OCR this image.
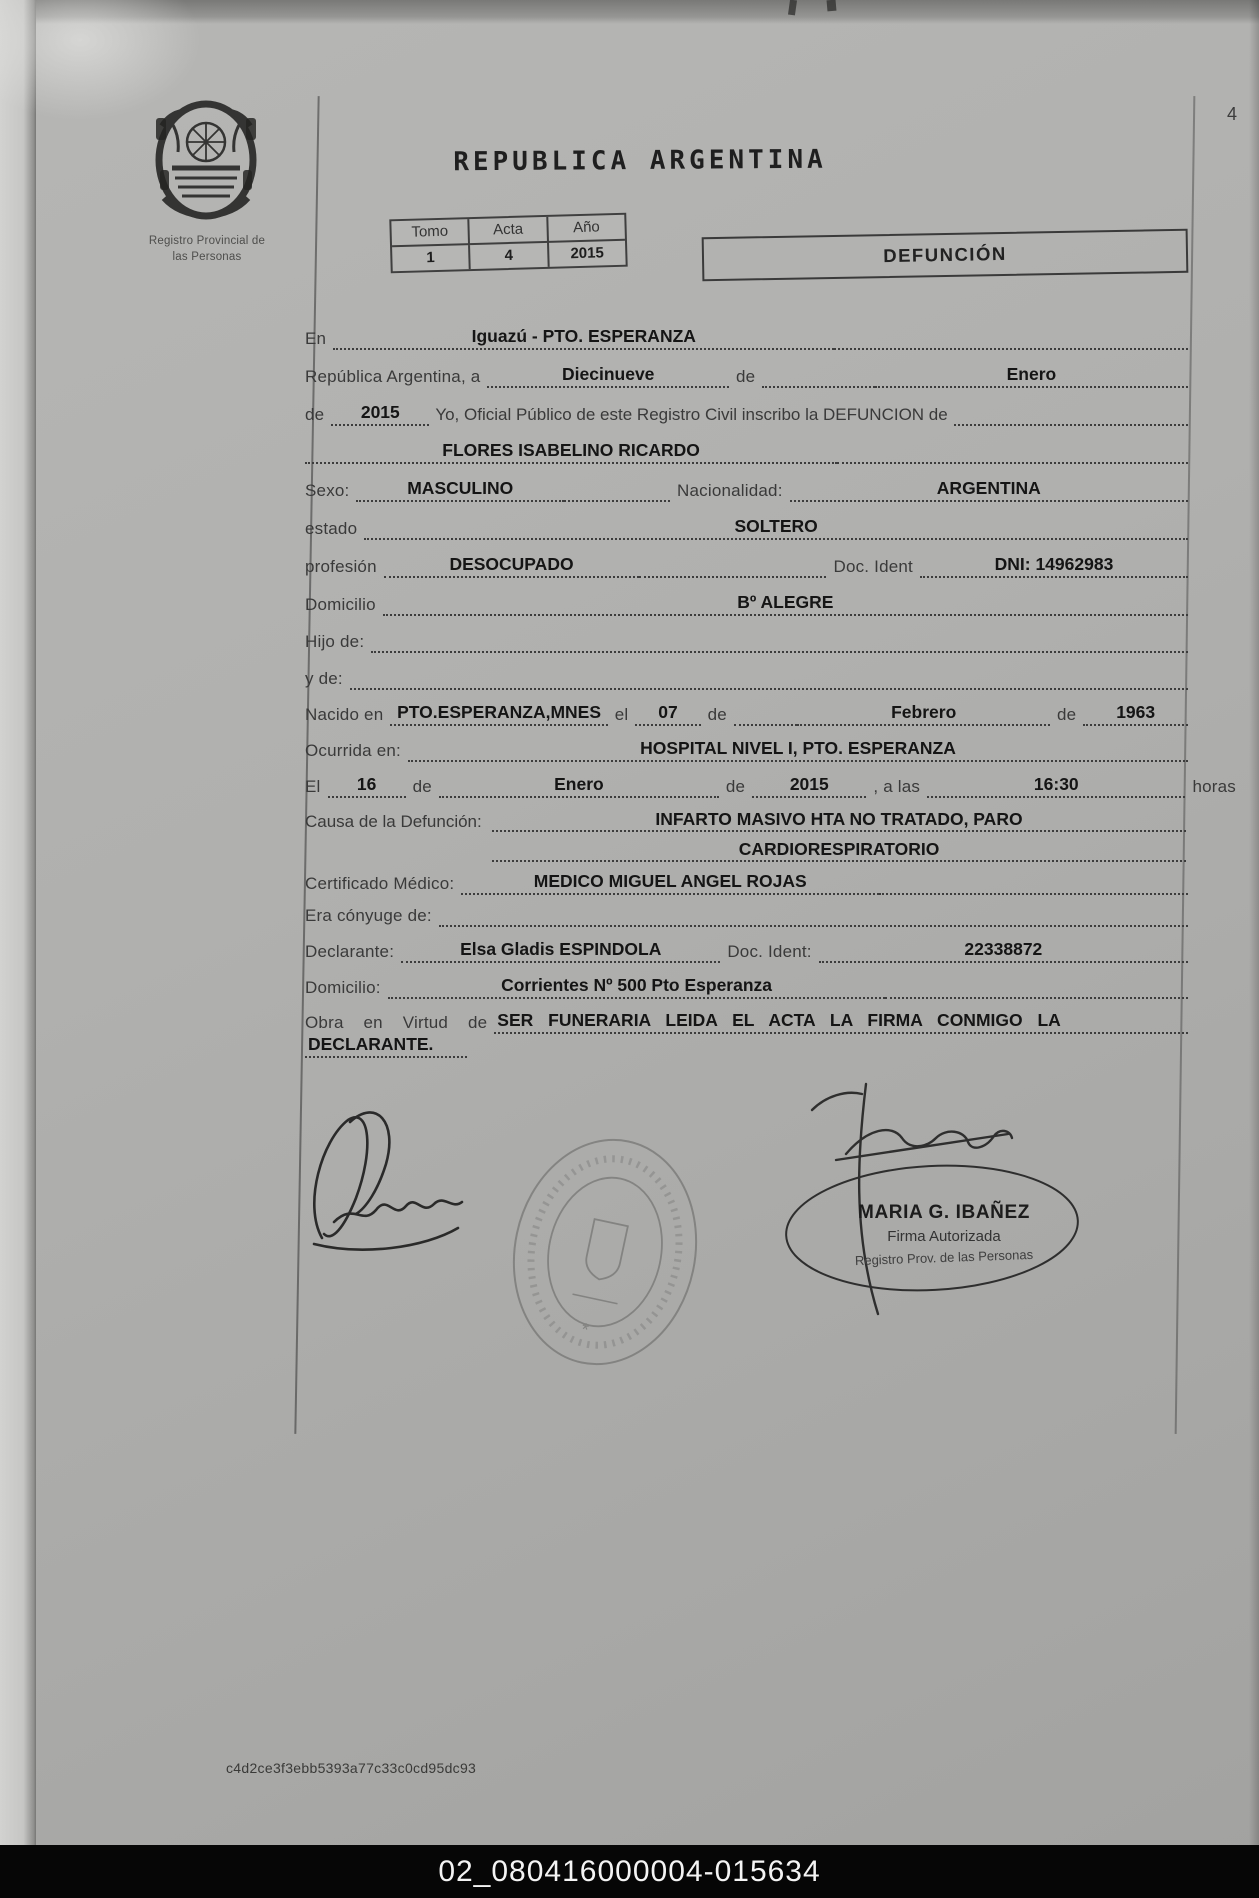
4
Registro Provincial de
las Personas
REPUBLICA ARGENTINA
Tomo	Acta	Año
1	4	2015	DEFUNCIÓN
En	Iguazú - PTO. ESPERANZA
República Argentina, a	Diecinueve	de	Enero
de	2015	Yo, Oficial Público de este Registro Civil inscribo la DEFUNCION de
FLORES ISABELINO RICARDO
Sexo:	MASCULINO	Nacionalidad:	ARGENTINA
estado	SOLTERO
profesión	DESOCUPADO	Doc. Ident	DNI: 14962983
Domicilio	Bº ALEGRE
Hijo de:
y de:
Nacido en PTO.ESPERANZA,MNES el	07	de	Febrero	de	1963
Ocurrida en:	HOSPITAL NIVEL I, PTO. ESPERANZA
El	16	de	Enero	de	2015	, a las	16:30	horas
Causa de la Defunción:	INFARTO MASIVO HTA NO TRATADO, PARO
CARDIORESPIRATORIO
Certificado Médico:	MEDICO MIGUEL ANGEL ROJAS
Era cónyuge de:
Declarante:	Elsa Gladis ESPINDOLA	Doc. Ident:	22338872
Domicilio:	Corrientes Nº 500 Pto Esperanza
Obra en Virtud de SER FUNERARIA LEIDA EL ACTA LA FIRMA CONMIGO LA
DECLARANTE.
*
MARIA G. IBAÑEZ
Firma Autorizada
Registro Prov. de las Personas
c4d2ce3f3ebb5393a77c33c0cd95dc93
02_080416000004-015634
